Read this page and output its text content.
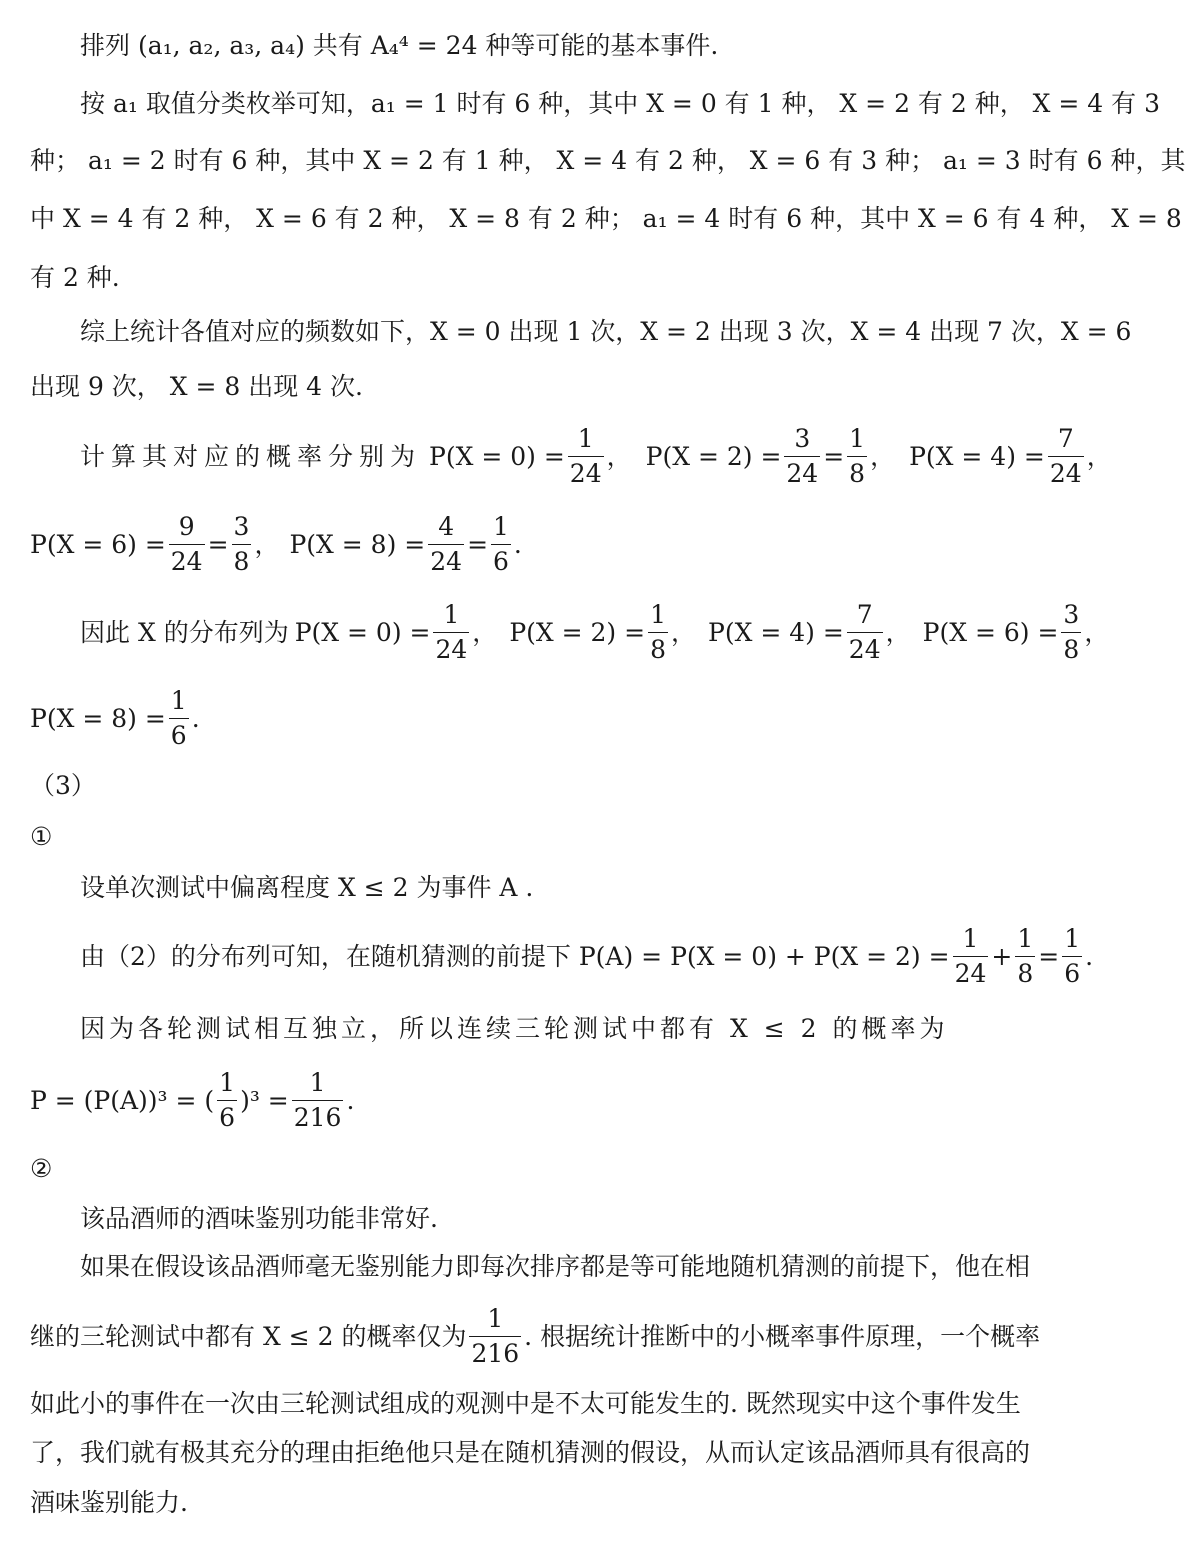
排列 (a₁, a₂, a₃, a₄) 共有 A₄⁴ = 24 种等可能的基本事件.
按 a₁ 取值分类枚举可知，a₁ = 1 时有 6 种，其中 X = 0 有 1 种， X = 2 有 2 种， X = 4 有 3
种； a₁ = 2 时有 6 种，其中 X = 2 有 1 种， X = 4 有 2 种， X = 6 有 3 种； a₁ = 3 时有 6 种，其
中 X = 4 有 2 种， X = 6 有 2 种， X = 8 有 2 种； a₁ = 4 时有 6 种，其中 X = 6 有 4 种， X = 8
有 2 种.
综上统计各值对应的频数如下，X = 0 出现 1 次，X = 2 出现 3 次，X = 4 出现 7 次，X = 6
出现 9 次， X = 8 出现 4 次.
计算其对应的概率分别为 $P(X = 0) = \frac{1}{24}$ ， $P(X = 2) = \frac{3}{24} = \frac{1}{8}$ ， $P(X = 4) = \frac{7}{24}$ ，
$P(X = 6) = \frac{9}{24} = \frac{3}{8}$ ， $P(X = 8) = \frac{4}{24} = \frac{1}{6}$ .
因此 X 的分布列为 $P(X = 0) = \frac{1}{24}$ ， $P(X = 2) = \frac{1}{8}$ ， $P(X = 4) = \frac{7}{24}$ ， $P(X = 6) = \frac{3}{8}$ ，
$P(X = 8) = \frac{1}{6}$ .
（3）
①
设单次测试中偏离程度 X ≤ 2 为事件 A .
由（2）的分布列可知，在随机猜测的前提下 $P(A) = P(X = 0) + P(X = 2) = \frac{1}{24} + \frac{1}{8} = \frac{1}{6}$ .
因为各轮测试相互独立，所以连续三轮测试中都有 X ≤ 2 的概率为
P = (P(A))³ = ( $\frac{1}{6} )^3 = \frac{1}{216}$ .
②
该品酒师的酒味鉴别功能非常好.
如果在假设该品酒师毫无鉴别能力即每次排序都是等可能地随机猜测的前提下，他在相
继的三轮测试中都有 X ≤ 2 的概率仅为 $\frac{1}{216}$ . 根据统计推断中的小概率事件原理，一个概率
如此小的事件在一次由三轮测试组成的观测中是不太可能发生的. 既然现实中这个事件发生
了，我们就有极其充分的理由拒绝他只是在随机猜测的假设，从而认定该品酒师具有很高的
酒味鉴别能力.
